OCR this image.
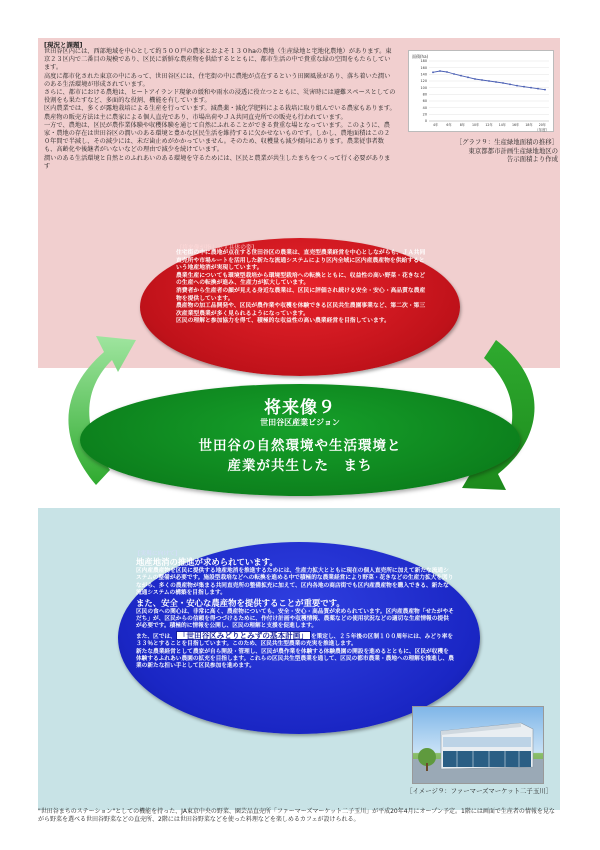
[現況と課題]

世田谷区内には、西部地域を中心として約５００戸の農家とおよそ１３０haの農地（生産緑地と宅地化農地）があります。東京２３区内で二番目の規模であり、区民に新鮮な農産物を供給するとともに、都市生活の中で貴重な緑の空間をもたらしています。

高度に都市化された東京の中にあって、世田谷区には、住宅街の中に農地が点在するという田園風景があり、落ち着いた潤いのある生活環境が形成されています。

さらに、都市における農地は、ヒートアイランド現象の緩和や雨水の浸透に役立つとともに、災害時には避難スペースとしての役割をも果たすなど、多面的な役割、機能を有しています。

区内農業では、多くが露地栽培による生産を行っています。減農薬・減化学肥料による栽培に取り組んでいる農家もあります。農産物の販売方法は主に農家による個人直売であり、市場出荷やＪＡ共同直売所での販売も行われています。

一方で、農地は、区民が農作業体験や収穫体験を通じて自然にふれることができる貴重な場となっています。このように、農家・農地の存在は世田谷区の潤いのある環境と豊かな区民生活を維持するに欠かせないものです。しかし、農地面積はこの２０年間で半減し、その減少には、未だ歯止めがかかっていません。そのため、収穫量も減少傾向にあります。農業従事者数も、高齢化や後継者がいないなどの理由で減少を続けています。

潤いのある生活環境と自然とのふれあいのある環境を守るためには、区民と農業が共生したまちをつくって行く必要があります

面積(ha)
（年度）
0
20
40
60
80
100
120
140
160
180
4年	6年	8年 10年 12年 14年 16年 18年 20年
［グラフ９：生産緑地面積の推移］
東京都都市計画生産緑地地区の
告示面積より作成
[将来像が指し示す具体の姿]
住宅街の中に農地が点在する世田谷区の農業は、直売型農業経営を中心としながらも、ＪＡ共同直売所や市場ルートを活用した新たな流通システムにより区内全域に区内産農産物を供給するという地産地消が実現しています。
農業生産についても環境型栽培から環境型栽培への転換とともに、収益性の高い野菜・花きなどの生産への転換が進み、生産力が拡大しています。
消費者から生産者の顔が見える身近な農業は、区民に評価され続ける安全・安心・高品質な農産物を提供しています。
農産物の加工品開発や、区民が農作業や収穫を体験できる区民共生農園事業など、第二次・第三次産業型農業が多く見られるようになっています。
区民の理解と参加協力を得て、積極的な収益性の高い農業経営を目指しています。
将来像９
世田谷区産業ビジョン
世田谷の自然環境や生活環境と
産業が共生した　まち
[実現に向けて]
地産地消の推進が求められています。

区内産農産物を区民に提供する地産地消を推進するためには、生産力拡大とともに現在の個人直売所に加えて新たな流通システムの整備が必要です。施設型栽培などへの転換を進める中で積極的な農業経営により野菜・花きなどの生産力拡大を図りながら、多くの農産物が集まる共同直売所の整備拡充に加えて、区内各地の商店街でも区内産農産物を購入できる、新たな流通システムの構築を目指します。

また、安全・安心な農産物を提供することが重要です。

区民の食への関心は、非常に高く、農産物についても、安全・安心・高品質が求められています。区内産農産物「せたがやそだち」が、区民からの信頼を得つづけるために、作付け計画や収穫情報、農薬などの使用状況などの適切な生産情報の提供が必要です。積極的に情報を公開し、区民の理解と支援を促進します。

また、区では、 「世田谷区みどりとみずの基本計画」 を策定し、２５年後の区制１００周年には、みどり率を３３％とすることを目指しています。このため、区民共生型農業の充実を推進します。

新たな農業経営として農家が自ら開設・管理し、区民が農作業を体験する体験農園の開設を進めるとともに、区民が収穫を体験するふれあい農園の拡充を目指します。これらの区民共生型農業を通して、区民の都市農業・農地への理解を推進し、農業の新たな担い手として区民参加を進めます。

［イメージ９：ファーマーズマーケット二子玉川］
"世田谷まちのステーション"としての機能を持った、JA東京中央の野菜、園芸品直売所「ファーマーズマーケット二子玉川」が平成20年4月にオープン予定。1階には画面で生産者の情報を見ながら野菜を選べる世田谷野菜などの直売所、2階には世田谷野菜などを使った料理などを楽しめるカフェが設けられる。
